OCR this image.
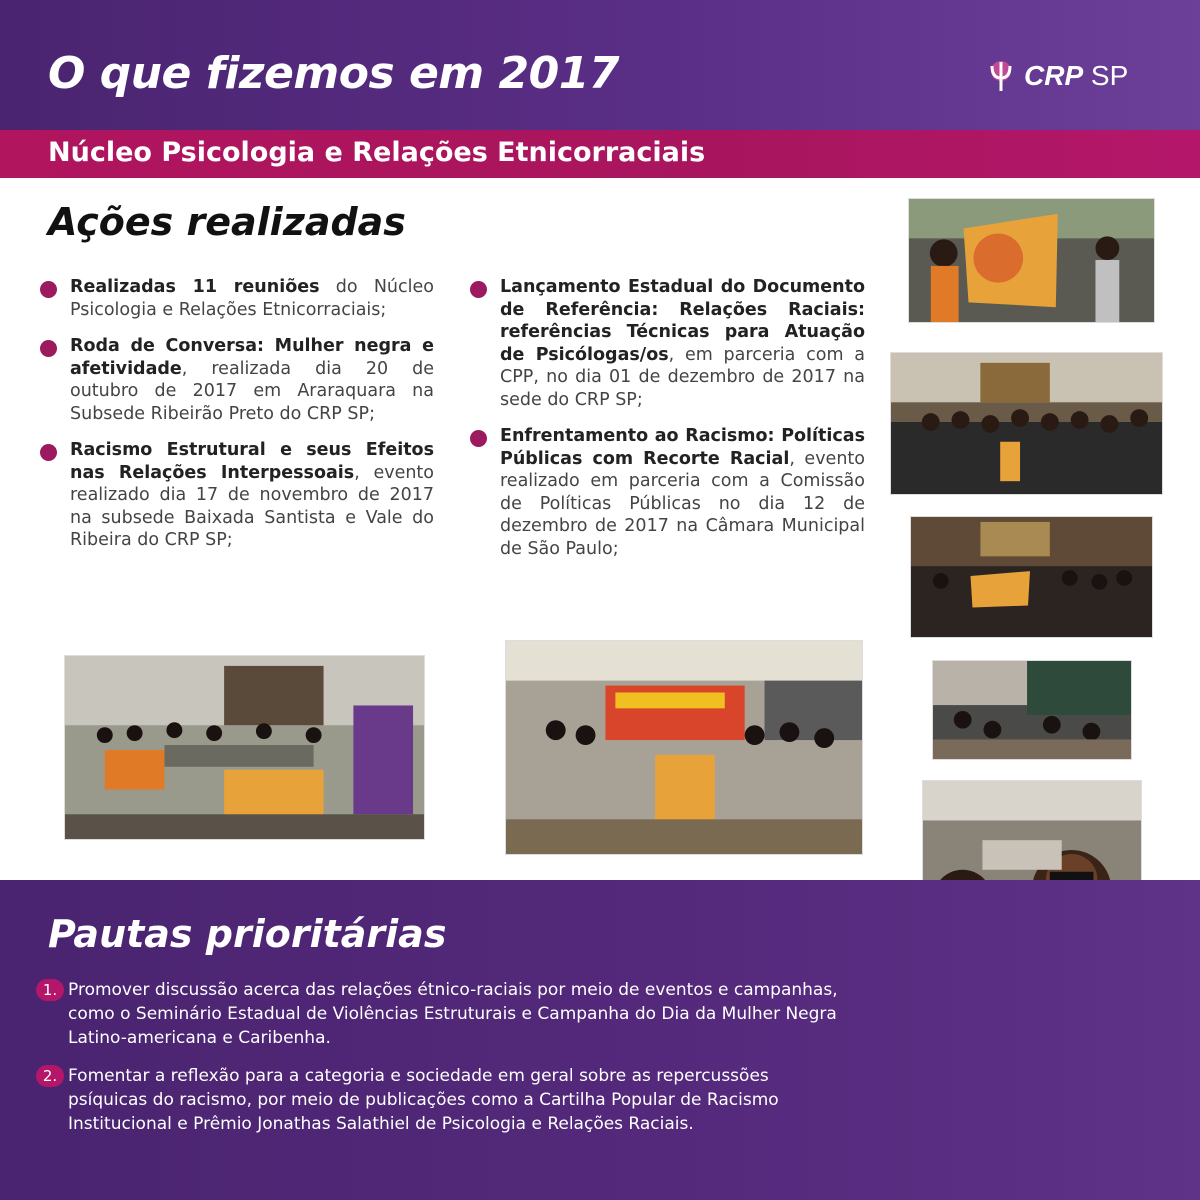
O que fizemos em 2017	CRP SP
Núcleo Psicologia e Relações Etnicorraciais
Ações realizadas
Realizadas 11 reuniões do Núcleo Psicologia e Relações Etnicorraciais;
Roda de Conversa: Mulher negra e afetividade, realizada dia 20 de outubro de 2017 em Araraquara na Subsede Ribeirão Preto do CRP SP;
Racismo Estrutural e seus Efeitos nas Relações Interpessoais, evento realizado dia 17 de novembro de 2017 na subsede Baixada Santista e Vale do Ribeira do CRP SP;
Lançamento Estadual do Documento de Referência: Relações Raciais: referências Técnicas para Atuação de Psicólogas/os, em parceria com a CPP, no dia 01 de dezembro de 2017 na sede do CRP SP;
Enfrentamento ao Racismo: Políticas Públicas com Recorte Racial, evento realizado em parceria com a Comissão de Políticas Públicas no dia 12 de dezembro de 2017 na Câmara Municipal de São Paulo;
Pautas prioritárias
1. Promover discussão acerca das relações étnico-raciais por meio de eventos e campanhas, como o Seminário Estadual de Violências Estruturais e Campanha do Dia da Mulher Negra Latino-americana e Caribenha.
2. Fomentar a reflexão para a categoria e sociedade em geral sobre as repercussões psíquicas do racismo, por meio de publicações como a Cartilha Popular de Racismo Institucional e Prêmio Jonathas Salathiel de Psicologia e Relações Raciais.
